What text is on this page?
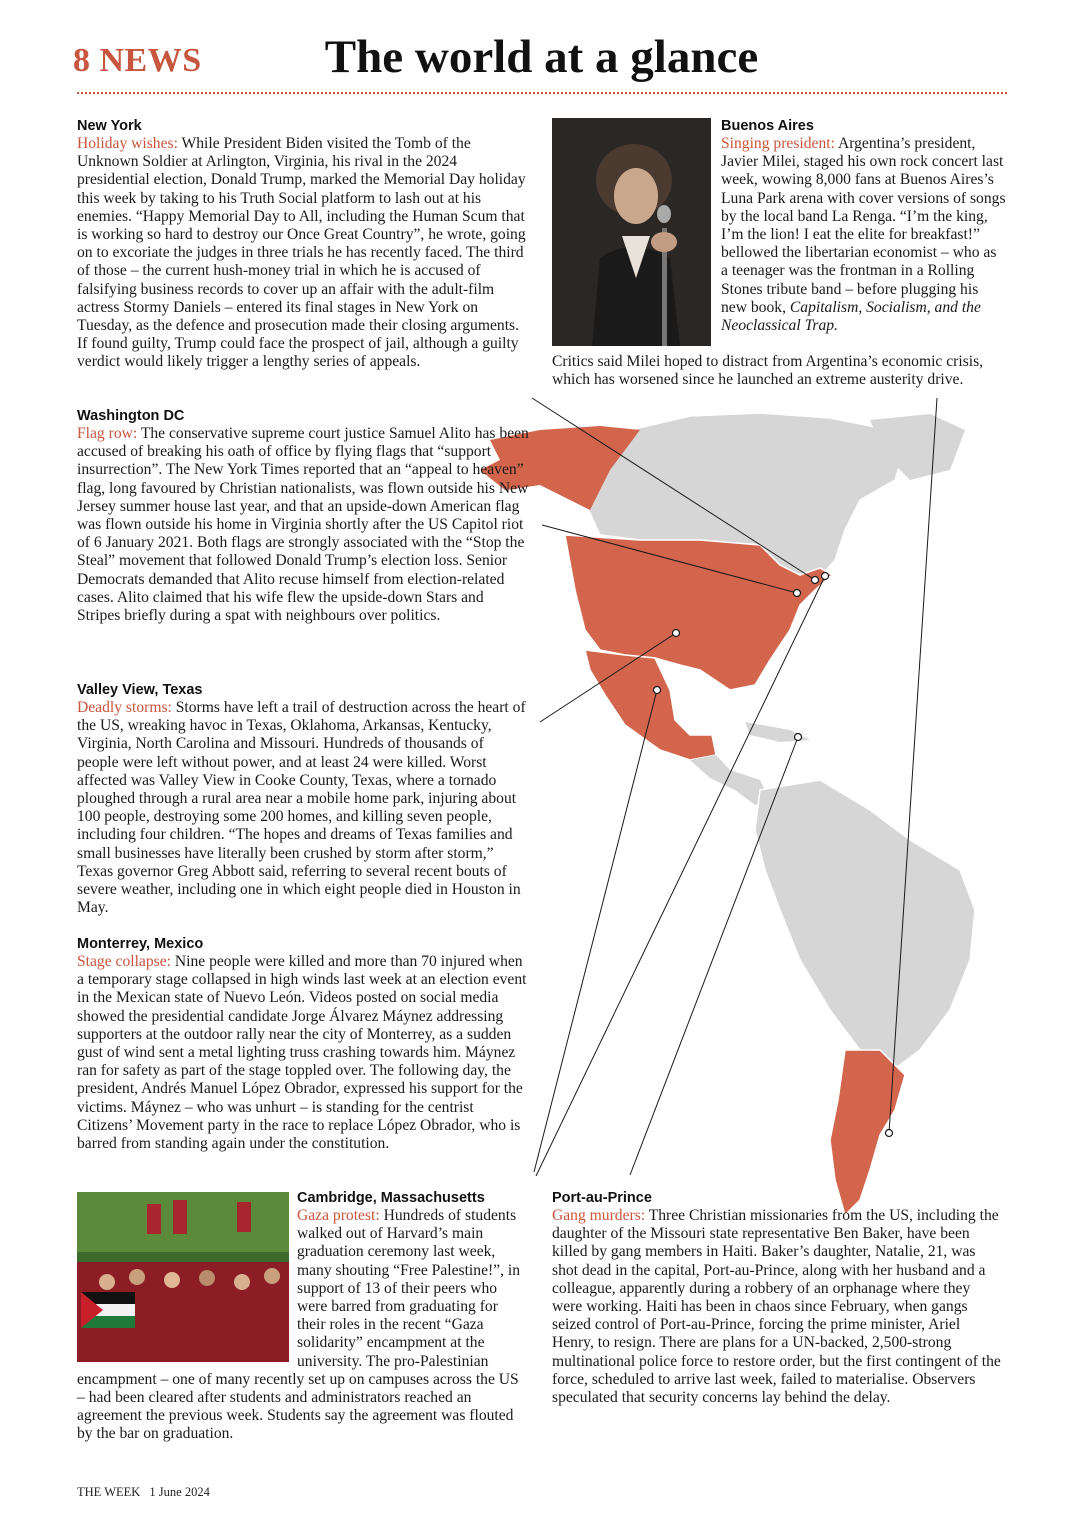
8 NEWS	The world at a glance
New York

Holiday wishes: While President Biden visited the Tomb of the Unknown Soldier at Arlington, Virginia, his rival in the 2024 presidential election, Donald Trump, marked the Memorial Day holiday this week by taking to his Truth Social platform to lash out at his enemies. “Happy Memorial Day to All, including the Human Scum that is working so hard to destroy our Once Great Country”, he wrote, going on to excoriate the judges in three trials he has recently faced. The third of those – the current hush-money trial in which he is accused of falsifying business records to cover up an affair with the adult-film actress Stormy Daniels – entered its final stages in New York on Tuesday, as the defence and prosecution made their closing arguments. If found guilty, Trump could face the prospect of jail, although a guilty verdict would likely trigger a lengthy series of appeals.

Buenos Aires

Singing president: Argentina’s president, Javier Milei, staged his own rock concert last week, wowing 8,000 fans at Buenos Aires’s Luna Park arena with cover versions of songs by the local band La Renga. “I’m the king, I’m the lion! I eat the elite for breakfast!” bellowed the libertarian economist – who as a teenager was the frontman in a Rolling Stones tribute band – before plugging his new book, Capitalism, Socialism, and the Neoclassical Trap.

Critics said Milei hoped to distract from Argentina’s economic crisis, which has worsened since he launched an extreme austerity drive.

Washington DC

Flag row: The conservative supreme court justice Samuel Alito has been accused of breaking his oath of office by flying flags that “support insurrection”. The New York Times reported that an “appeal to heaven” flag, long favoured by Christian nationalists, was flown outside his New Jersey summer house last year, and that an upside-down American flag was flown outside his home in Virginia shortly after the US Capitol riot of 6 January 2021. Both flags are strongly associated with the “Stop the Steal” movement that followed Donald Trump’s election loss. Senior Democrats demanded that Alito recuse himself from election-related cases. Alito claimed that his wife flew the upside-down Stars and Stripes briefly during a spat with neighbours over politics.

Valley View, Texas

Deadly storms: Storms have left a trail of destruction across the heart of the US, wreaking havoc in Texas, Oklahoma, Arkansas, Kentucky, Virginia, North Carolina and Missouri. Hundreds of thousands of people were left without power, and at least 24 were killed. Worst affected was Valley View in Cooke County, Texas, where a tornado ploughed through a rural area near a mobile home park, injuring about 100 people, destroying some 200 homes, and killing seven people, including four children. “The hopes and dreams of Texas families and small businesses have literally been crushed by storm after storm,” Texas governor Greg Abbott said, referring to several recent bouts of severe weather, including one in which eight people died in Houston in May.

Monterrey, Mexico

Stage collapse: Nine people were killed and more than 70 injured when a temporary stage collapsed in high winds last week at an election event in the Mexican state of Nuevo León. Videos posted on social media showed the presidential candidate Jorge Álvarez Máynez addressing supporters at the outdoor rally near the city of Monterrey, as a sudden gust of wind sent a metal lighting truss crashing towards him. Máynez ran for safety as part of the stage toppled over. The following day, the president, Andrés Manuel López Obrador, expressed his support for the victims. Máynez – who was unhurt – is standing for the centrist Citizens’ Movement party in the race to replace López Obrador, who is barred from standing again under the constitution.

Cambridge, Massachusetts

Gaza protest: Hundreds of students walked out of Harvard’s main graduation ceremony last week, many shouting “Free Palestine!”, in support of 13 of their peers who were barred from graduating for their roles in the recent “Gaza solidarity” encampment at the university. The pro-Palestinian encampment – one of many recently set up on campuses across the US – had been cleared after students and administrators reached an agreement the previous week. Students say the agreement was flouted by the bar on graduation.

Port-au-Prince

Gang murders: Three Christian missionaries from the US, including the daughter of the Missouri state representative Ben Baker, have been killed by gang members in Haiti. Baker’s daughter, Natalie, 21, was shot dead in the capital, Port-au-Prince, along with her husband and a colleague, apparently during a robbery of an orphanage where they were working. Haiti has been in chaos since February, when gangs seized control of Port-au-Prince, forcing the prime minister, Ariel Henry, to resign. There are plans for a UN-backed, 2,500-strong multinational police force to restore order, but the first contingent of the force, scheduled to arrive last week, failed to materialise. Observers speculated that security concerns lay behind the delay.

THE WEEK 1 June 2024
